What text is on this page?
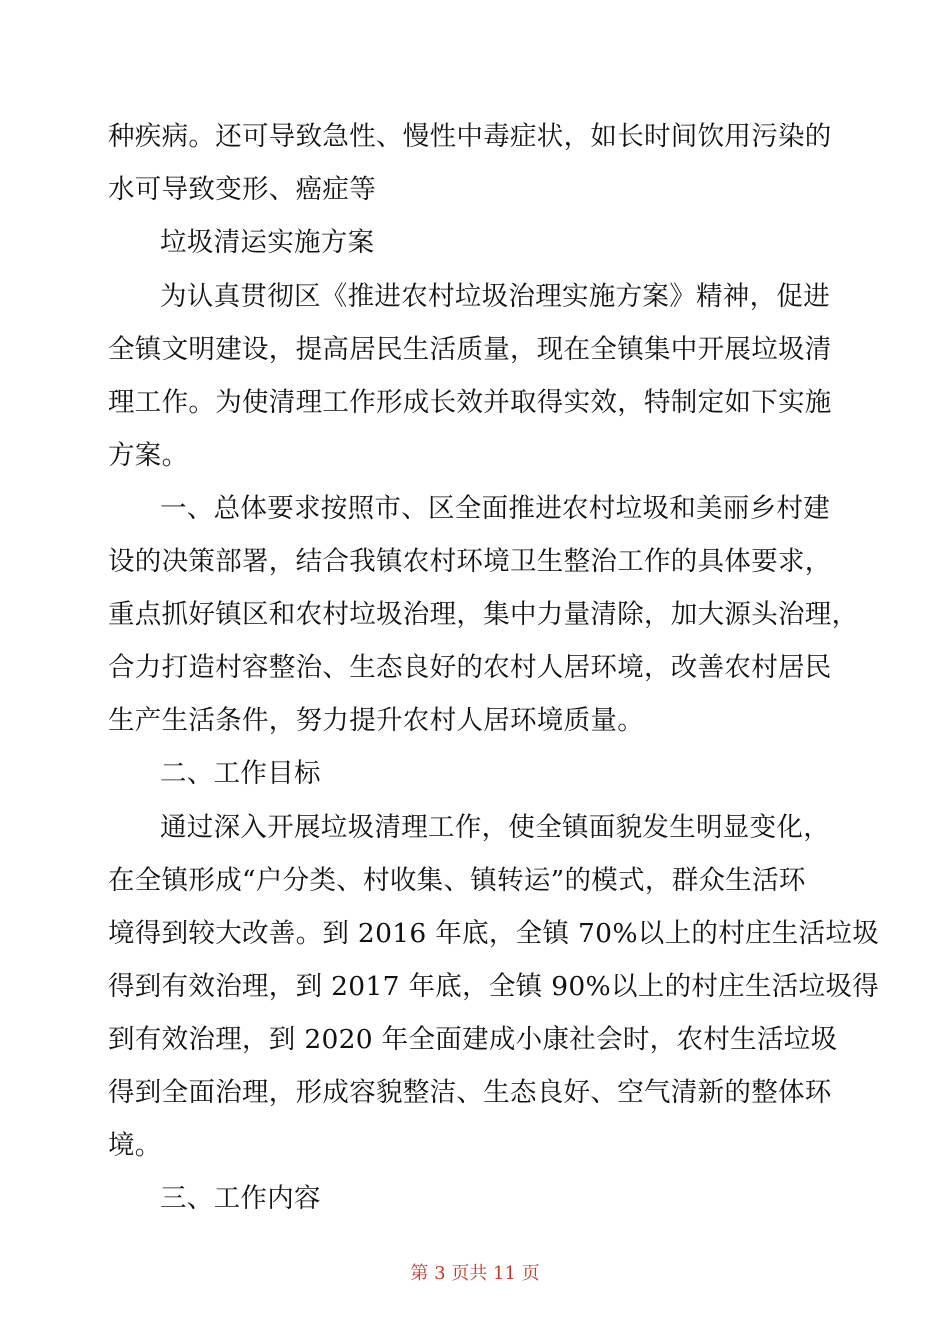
种疾病。还可导致急性、慢性中毒症状，如长时间饮用污染的
水可导致变形、癌症等
垃圾清运实施方案
为认真贯彻区《推进农村垃圾治理实施方案》精神，促进
全镇文明建设，提高居民生活质量，现在全镇集中开展垃圾清
理工作。为使清理工作形成长效并取得实效，特制定如下实施
方案。
一、总体要求按照市、区全面推进农村垃圾和美丽乡村建
设的决策部署，结合我镇农村环境卫生整治工作的具体要求，
重点抓好镇区和农村垃圾治理，集中力量清除，加大源头治理，
合力打造村容整治、生态良好的农村人居环境，改善农村居民
生产生活条件，努力提升农村人居环境质量。
二、工作目标
通过深入开展垃圾清理工作，使全镇面貌发生明显变化，
在全镇形成“户分类、村收集、镇转运”的模式，群众生活环
境得到较大改善。到 2016 年底，全镇 70%以上的村庄生活垃圾
得到有效治理，到 2017 年底，全镇 90%以上的村庄生活垃圾得
到有效治理，到 2020 年全面建成小康社会时，农村生活垃圾
得到全面治理，形成容貌整洁、生态良好、空气清新的整体环
境。
三、工作内容
第 3 页共 11 页
